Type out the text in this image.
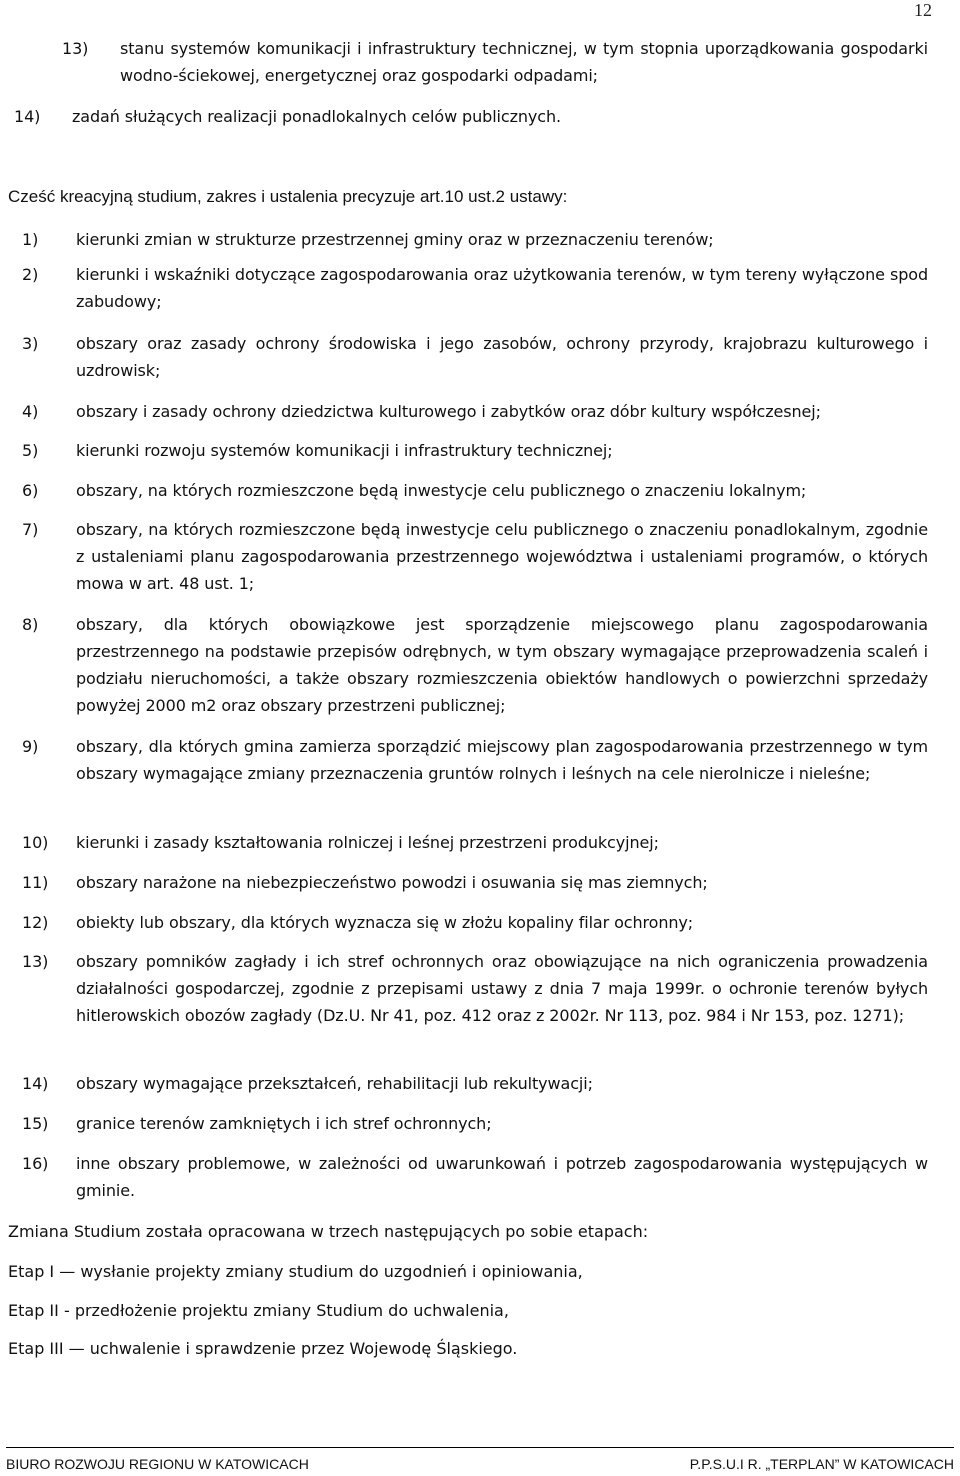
12
13) stanu systemów komunikacji i infrastruktury technicznej, w tym stopnia uporządkowania gospodarki wodno-ściekowej, energetycznej oraz gospodarki odpadami;
14) zadań służących realizacji ponadlokalnych celów publicznych.
Cześć kreacyjną studium, zakres i ustalenia precyzuje art.10 ust.2 ustawy:
1) kierunki zmian w strukturze przestrzennej gminy oraz w przeznaczeniu terenów;
2) kierunki i wskaźniki dotyczące zagospodarowania oraz użytkowania terenów, w tym tereny wyłączone spod zabudowy;
3) obszary oraz zasady ochrony środowiska i jego zasobów, ochrony przyrody, krajobrazu kulturowego i uzdrowisk;
4) obszary i zasady ochrony dziedzictwa kulturowego i zabytków oraz dóbr kultury współczesnej;
5) kierunki rozwoju systemów komunikacji i infrastruktury technicznej;
6) obszary, na których rozmieszczone będą inwestycje celu publicznego o znaczeniu lokalnym;
7) obszary, na których rozmieszczone będą inwestycje celu publicznego o znaczeniu ponadlokalnym, zgodnie z ustaleniami planu zagospodarowania przestrzennego województwa i ustaleniami programów, o których mowa w art. 48 ust. 1;
8) obszary, dla których obowiązkowe jest sporządzenie miejscowego planu zagospodarowania przestrzennego na podstawie przepisów odrębnych, w tym obszary wymagające przeprowadzenia scaleń i podziału nieruchomości, a także obszary rozmieszczenia obiektów handlowych o powierzchni sprzedaży powyżej 2000 m2 oraz obszary przestrzeni publicznej;
9) obszary, dla których gmina zamierza sporządzić miejscowy plan zagospodarowania przestrzennego w tym obszary wymagające zmiany przeznaczenia gruntów rolnych i leśnych na cele nierolnicze i nieleśne;
10) kierunki i zasady kształtowania rolniczej i leśnej przestrzeni produkcyjnej;
11) obszary narażone na niebezpieczeństwo powodzi i osuwania się mas ziemnych;
12) obiekty lub obszary, dla których wyznacza się w złożu kopaliny filar ochronny;
13) obszary pomników zagłady i ich stref ochronnych oraz obowiązujące na nich ograniczenia prowadzenia działalności gospodarczej, zgodnie z przepisami ustawy z dnia 7 maja 1999r. o ochronie terenów byłych hitlerowskich obozów zagłady (Dz.U. Nr 41, poz. 412 oraz z 2002r. Nr 113, poz. 984 i Nr 153, poz. 1271);
14) obszary wymagające przekształceń, rehabilitacji lub rekultywacji;
15) granice terenów zamkniętych i ich stref ochronnych;
16) inne obszary problemowe, w zależności od uwarunkowań i potrzeb zagospodarowania występujących w gminie.
Zmiana Studium została opracowana w trzech następujących po sobie etapach:
Etap I — wysłanie projekty zmiany studium do uzgodnień i opiniowania,
Etap II - przedłożenie projektu zmiany Studium do uchwalenia,
Etap III — uchwalenie i sprawdzenie przez Wojewodę Śląskiego.
BIURO ROZWOJU REGIONU W KATOWICACH	P.P.S.U.I R. „TERPLAN” W KATOWICACH
